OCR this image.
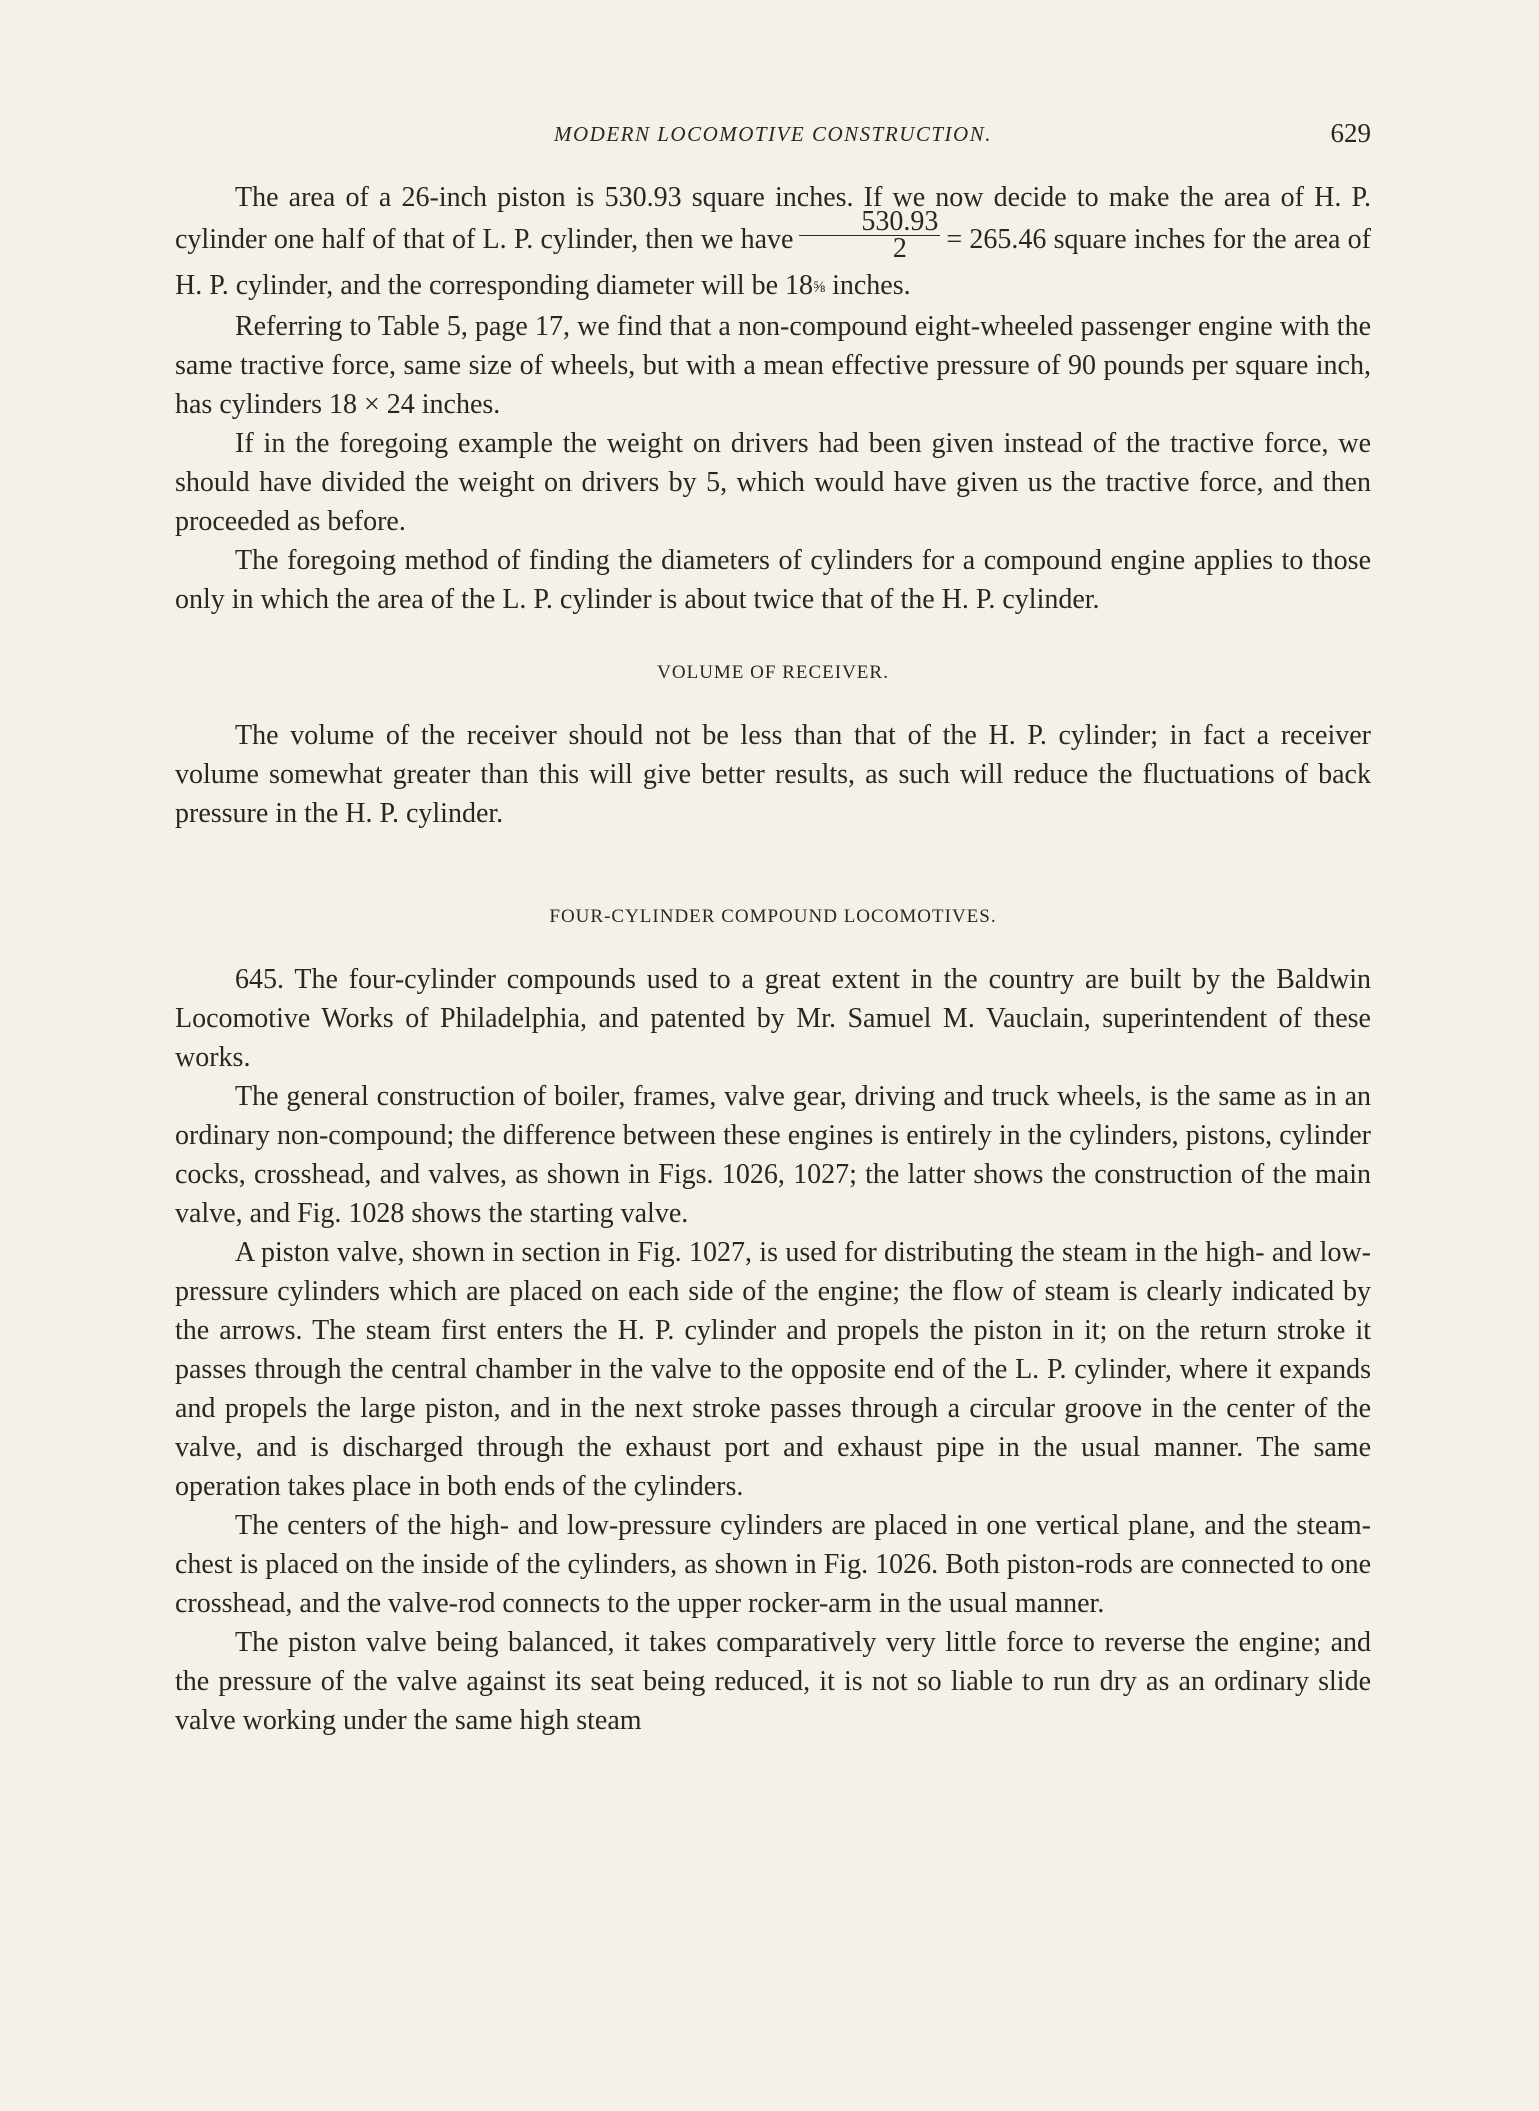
MODERN LOCOMOTIVE CONSTRUCTION.	629

The area of a 26-inch piston is 530.93 square inches. If we now decide to make the area of H. P. cylinder one half of that of L. P. cylinder, then we have $\frac{530.93}{2} = 265.46$ square inches for the area of H. P. cylinder, and the corresponding diameter will be 18⅝ inches.

Referring to Table 5, page 17, we find that a non-compound eight-wheeled passenger engine with the same tractive force, same size of wheels, but with a mean effective pressure of 90 pounds per square inch, has cylinders 18 × 24 inches.

If in the foregoing example the weight on drivers had been given instead of the tractive force, we should have divided the weight on drivers by 5, which would have given us the tractive force, and then proceeded as before.

The foregoing method of finding the diameters of cylinders for a compound engine applies to those only in which the area of the L. P. cylinder is about twice that of the H. P. cylinder.

VOLUME OF RECEIVER.

The volume of the receiver should not be less than that of the H. P. cylinder; in fact a receiver volume somewhat greater than this will give better results, as such will reduce the fluctuations of back pressure in the H. P. cylinder.

FOUR-CYLINDER COMPOUND LOCOMOTIVES.

645. The four-cylinder compounds used to a great extent in the country are built by the Baldwin Locomotive Works of Philadelphia, and patented by Mr. Samuel M. Vauclain, superintendent of these works.

The general construction of boiler, frames, valve gear, driving and truck wheels, is the same as in an ordinary non-compound; the difference between these engines is entirely in the cylinders, pistons, cylinder cocks, crosshead, and valves, as shown in Figs. 1026, 1027; the latter shows the construction of the main valve, and Fig. 1028 shows the starting valve.

A piston valve, shown in section in Fig. 1027, is used for distributing the steam in the high- and low-pressure cylinders which are placed on each side of the engine; the flow of steam is clearly indicated by the arrows. The steam first enters the H. P. cylinder and propels the piston in it; on the return stroke it passes through the central chamber in the valve to the opposite end of the L. P. cylinder, where it expands and propels the large piston, and in the next stroke passes through a circular groove in the center of the valve, and is discharged through the exhaust port and exhaust pipe in the usual manner. The same operation takes place in both ends of the cylinders.

The centers of the high- and low-pressure cylinders are placed in one vertical plane, and the steam-chest is placed on the inside of the cylinders, as shown in Fig. 1026. Both piston-rods are connected to one crosshead, and the valve-rod connects to the upper rocker-arm in the usual manner.

The piston valve being balanced, it takes comparatively very little force to reverse the engine; and the pressure of the valve against its seat being reduced, it is not so liable to run dry as an ordinary slide valve working under the same high steam
